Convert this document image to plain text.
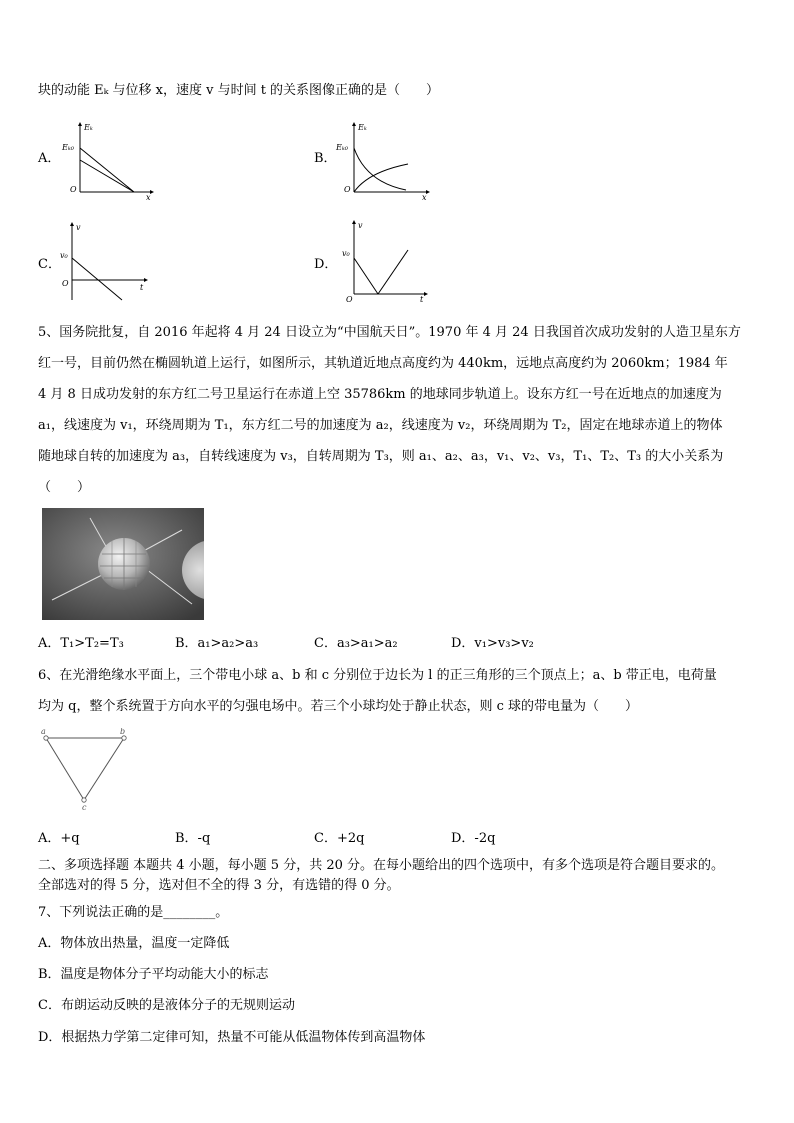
块的动能 Eₖ 与位移 x，速度 v 与时间 t 的关系图像正确的是（　　）
A．
Eₖ
Eₖ₀
O
x
B．
Eₖ
Eₖ₀
O
x
C．
v
v₀
O	t
D．
v
v₀
O	t
5、国务院批复，自 2016 年起将 4 月 24 日设立为“中国航天日”。1970 年 4 月 24 日我国首次成功发射的人造卫星东方
红一号，目前仍然在椭圆轨道上运行，如图所示，其轨道近地点高度约为 440km，远地点高度约为 2060km；1984 年
4 月 8 日成功发射的东方红二号卫星运行在赤道上空 35786km 的地球同步轨道上。设东方红一号在近地点的加速度为
a₁，线速度为 v₁，环绕周期为 T₁，东方红二号的加速度为 a₂，线速度为 v₂，环绕周期为 T₂，固定在地球赤道上的物体
随地球自转的加速度为 a₃，自转线速度为 v₃，自转周期为 T₃，则 a₁、a₂、a₃，v₁、v₂、v₃，T₁、T₂、T₃ 的大小关系为
（　　）
A．T₁>T₂=T₃	B．a₁>a₂>a₃	C．a₃>a₁>a₂	D．v₁>v₃>v₂
6、在光滑绝缘水平面上，三个带电小球 a、b 和 c 分别位于边长为 l 的正三角形的三个顶点上；a、b 带正电，电荷量
均为 q，整个系统置于方向水平的匀强电场中。若三个小球均处于静止状态，则 c 球的带电量为（　　）
a	b
c
A．+q	B．-q	C．+2q	D．-2q
二、多项选择题 本题共 4 小题，每小题 5 分，共 20 分。在每小题给出的四个选项中，有多个选项是符合题目要求的。
全部选对的得 5 分，选对但不全的得 3 分，有选错的得 0 分。
7、下列说法正确的是________。
A．物体放出热量，温度一定降低
B．温度是物体分子平均动能大小的标志
C．布朗运动反映的是液体分子的无规则运动
D．根据热力学第二定律可知，热量不可能从低温物体传到高温物体
